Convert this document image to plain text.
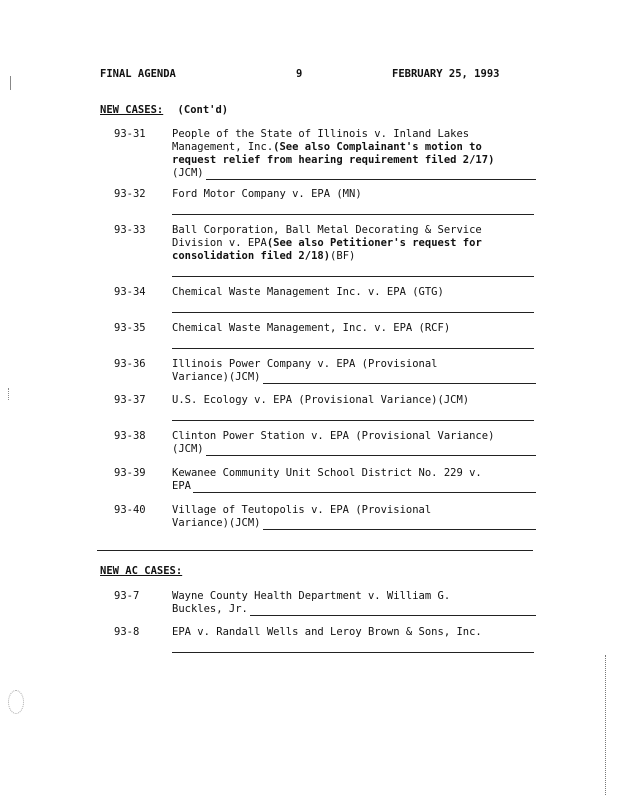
FINAL AGENDA	9	FEBRUARY 25, 1993
NEW CASES: (Cont'd)
93-31	People of the State of Illinois v. Inland Lakes
Management, Inc. (See also Complainant's motion to
request relief from hearing requirement filed 2/17)
(JCM)
93-32	Ford Motor Company v. EPA (MN)
93-33	Ball Corporation, Ball Metal Decorating & Service
Division v. EPA (See also Petitioner's request for
consolidation filed 2/18) (BF)
93-34	Chemical Waste Management Inc. v. EPA (GTG)
93-35	Chemical Waste Management, Inc. v. EPA (RCF)
93-36	Illinois Power Company v. EPA (Provisional
Variance)(JCM)
93-37	U.S. Ecology v. EPA (Provisional Variance)(JCM)
93-38	Clinton Power Station v. EPA (Provisional Variance)
(JCM)
93-39	Kewanee Community Unit School District No. 229 v.
EPA
93-40	Village of Teutopolis v. EPA (Provisional
Variance)(JCM)
NEW AC CASES:
93-7	Wayne County Health Department v. William G.
Buckles, Jr.
93-8	EPA v. Randall Wells and Leroy Brown & Sons, Inc.
